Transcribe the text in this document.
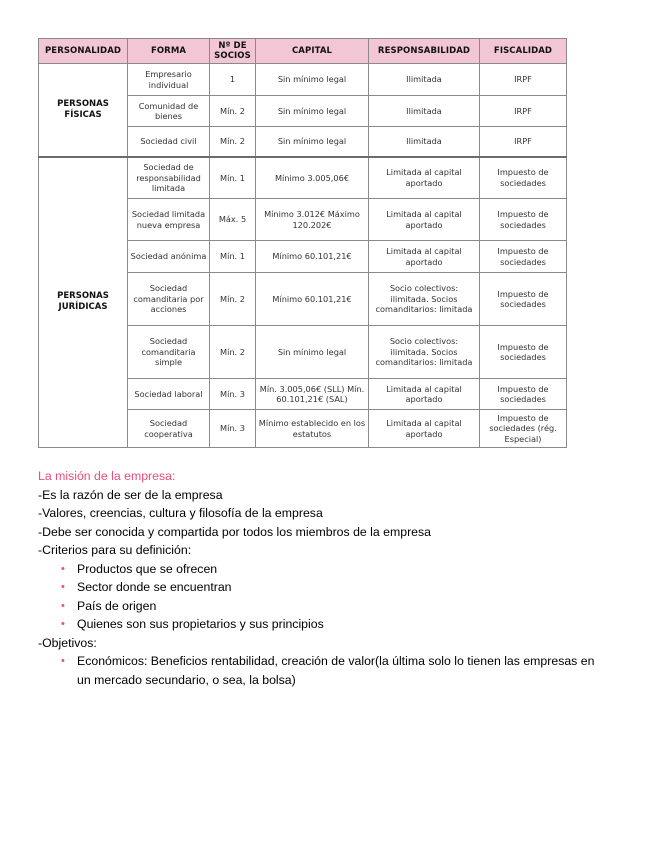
PERSONALIDAD	FORMA	Nº DE SOCIOS	CAPITAL	RESPONSABILIDAD	FISCALIDAD
PERSONAS FÍSICAS	Empresario individual	1	Sin mínimo legal	Ilimitada	IRPF
	Comunidad de bienes	Mín. 2	Sin mínimo legal	Ilimitada	IRPF
	Sociedad civil	Mín. 2	Sin mínimo legal	Ilimitada	IRPF
PERSONAS JURÍDICAS	Sociedad de responsabilidad limitada	Mín. 1	Mínimo 3.005,06€	Limitada al capital aportado	Impuesto de sociedades
	Sociedad limitada nueva empresa	Máx. 5	Mínimo 3.012€ Máximo 120.202€	Limitada al capital aportado	Impuesto de sociedades
	Sociedad anónima	Mín. 1	Mínimo 60.101,21€	Limitada al capital aportado	Impuesto de sociedades
	Sociedad comanditaria por acciones	Mín. 2	Mínimo 60.101,21€	Socio colectivos: ilimitada. Socios comanditarios: limitada	Impuesto de sociedades
	Sociedad comanditaria simple	Mín. 2	Sin mínimo legal	Socio colectivos: ilimitada. Socios comanditarios: limitada	Impuesto de sociedades
	Sociedad laboral	Mín. 3	Mín. 3.005,06€ (SLL) Mín. 60.101,21€ (SAL)	Limitada al capital aportado	Impuesto de sociedades
	Sociedad cooperativa	Mín. 3	Mínimo establecido en los estatutos	Limitada al capital aportado	Impuesto de sociedades (rég. Especial)
La misión de la empresa:
-Es la razón de ser de la empresa
-Valores, creencias, cultura y filosofía de la empresa
-Debe ser conocida y compartida por todos los miembros de la empresa
-Criterios para su definición:
• Productos que se ofrecen
• Sector donde se encuentran
• País de origen
• Quienes son sus propietarios y sus principios
-Objetivos:
• Económicos: Beneficios rentabilidad, creación de valor(la última solo lo tienen las empresas en un mercado secundario, o sea, la bolsa)
